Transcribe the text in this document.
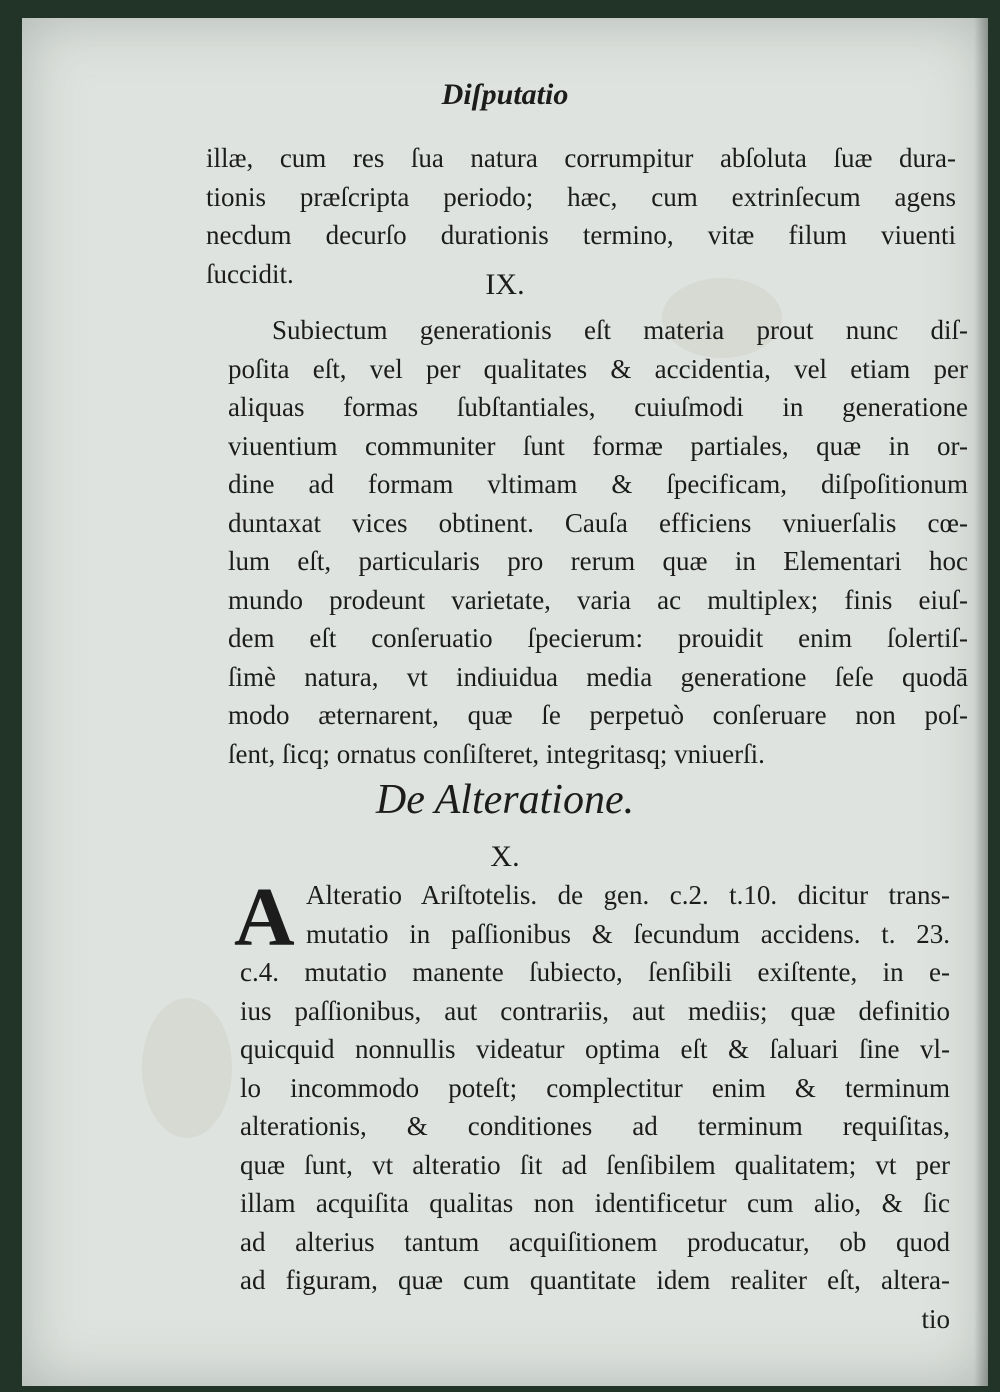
Diſputatio
illæ, cum res ſua natura corrumpitur abſoluta ſuæ dura-
tionis præſcripta periodo; hæc, cum extrinſecum agens
necdum decurſo durationis termino, vitæ filum viuenti
ſuccidit.	IX.

Subiectum generationis eſt materia prout nunc diſ-
poſita eſt, vel per qualitates & accidentia, vel etiam per
aliquas formas ſubſtantiales, cuiuſmodi in generatione
viuentium communiter ſunt formæ partiales, quæ in or-
dine ad formam vltimam & ſpecificam, diſpoſitionum
duntaxat vices obtinent. Cauſa efficiens vniuerſalis cœ-
lum eſt, particularis pro rerum quæ in Elementari hoc
mundo prodeunt varietate, varia ac multiplex; finis eiuſ-
dem eſt conſeruatio ſpecierum: prouidit enim ſolertiſ-
ſimè natura, vt indiuidua media generatione ſeſe quodā
modo æternarent, quæ ſe perpetuò conſeruare non poſ-
ſent, ſicq; ornatus conſiſteret, integritasq; vniuerſi.

De Alteratione.

X.

A Alteratio Ariſtotelis. de gen. c.2. t.10. dicitur trans-
mutatio in paſſionibus & ſecundum accidens. t. 23.
c.4. mutatio manente ſubiecto, ſenſibili exiſtente, in e-
ius paſſionibus, aut contrariis, aut mediis; quæ definitio
quicquid nonnullis videatur optima eſt & ſaluari ſine vl-
lo incommodo poteſt; complectitur enim & terminum
alterationis, & conditiones ad terminum requiſitas,
quæ ſunt, vt alteratio ſit ad ſenſibilem qualitatem; vt per
illam acquiſita qualitas non identificetur cum alio, & ſic
ad alterius tantum acquiſitionem producatur, ob quod
ad figuram, quæ cum quantitate idem realiter eſt, altera-
tio
